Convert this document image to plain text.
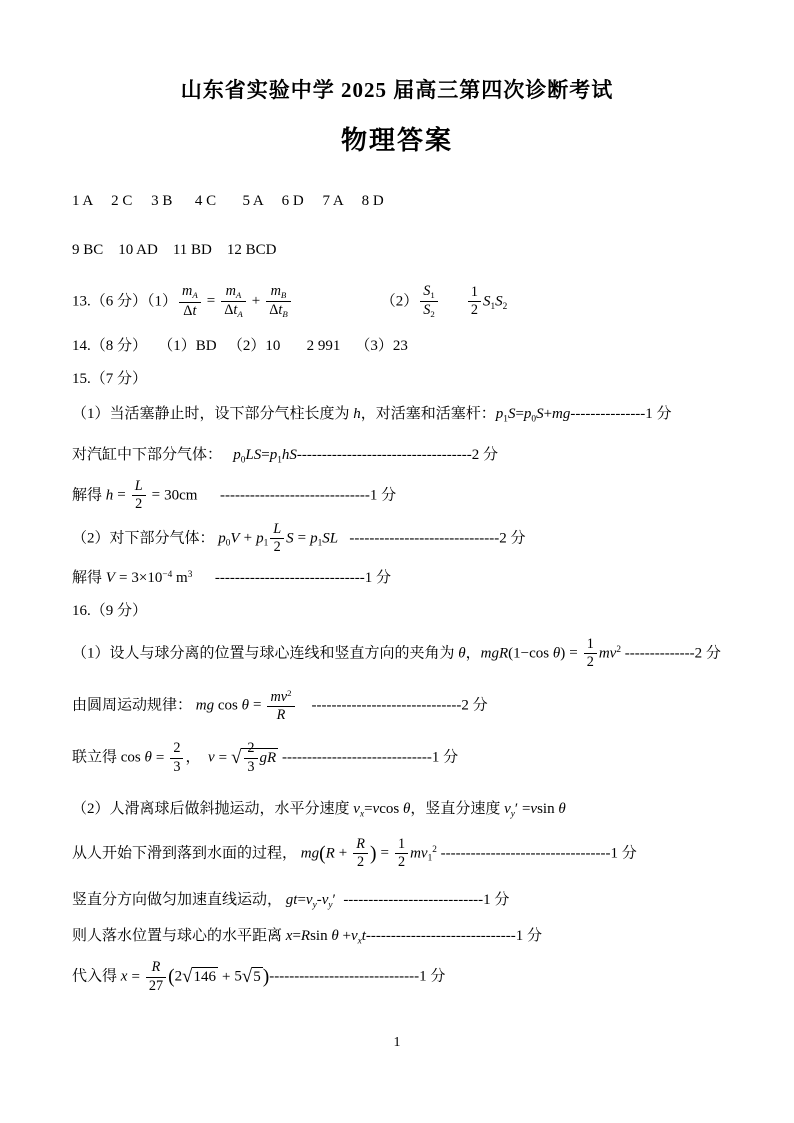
山东省实验中学 2025 届高三第四次诊断考试
物理答案
1 A     2 C     3 B      4 C       5 A     6 D     7 A     8 D
9 BC    10 AD    11 BD    12 BCD
13.（6 分）$(1) \frac{m_A}{\Delta t}$ =
$m_A$
$\Delta t_A$
+
$m_B$
$\Delta t_B$
$(2) \frac{S_1}{S_2} \frac{1}{2} S_1S_2$
14.（8 分）   （1）BD   （2）10       2 991    （3）23
15.（7 分）
（1）当活塞静止时，设下部分气柱长度为 h，对活塞和活塞杆：$p_1S=p_0S+mg---------------1$ 分
对汽缸中下部分气体：   $p_0LS=p_1hS-----------------------------------2$ 分
解得 $h = \frac{L}{2} = 30cm$      ------------------------------1 分
（2）对下部分气体： $p_0V + p_1 \frac{L}{2}$ $S = p_1SL$   ------------------------------2 分
解得 $V = 3\times 10^{-4}$ $m^3$      ------------------------------1 分
16.（9 分）
（1）设人与球分离的位置与球心连线和竖直方向的夹角为 θ，mgR(1−cos $\theta) = \frac{1}{2} mv^2$ --------------2 分
由圆周运动规律： mg $\cos \theta = \frac{mv^2}{R} ------------------------------2$ 分
联立得 $\cos \theta = \frac{2}{3}$ ，  v = √ $\frac{2}{3}$ gR ------------------------------1 分
（2）人滑离球后做斜抛运动，水平分速度 $v_x=vcos$ θ，竖直分速度 $v_y' =vsin$ θ
从人开始下滑到落到水面的过程， $mg(R + \frac{R}{2}$ ) = $\frac{1}{2} mv_1^2$ ----------------------------------1 分
竖直分方向做匀加速直线运动， $gt=v_y-v_y'$  ----------------------------1 分
则人落水位置与球心的水平距离 x=Rsin $\theta +v_xt------------------------------1$ 分
代入得 $x = \frac{R}{27} (2√146 + 5√5$ )------------------------------1 分
1
